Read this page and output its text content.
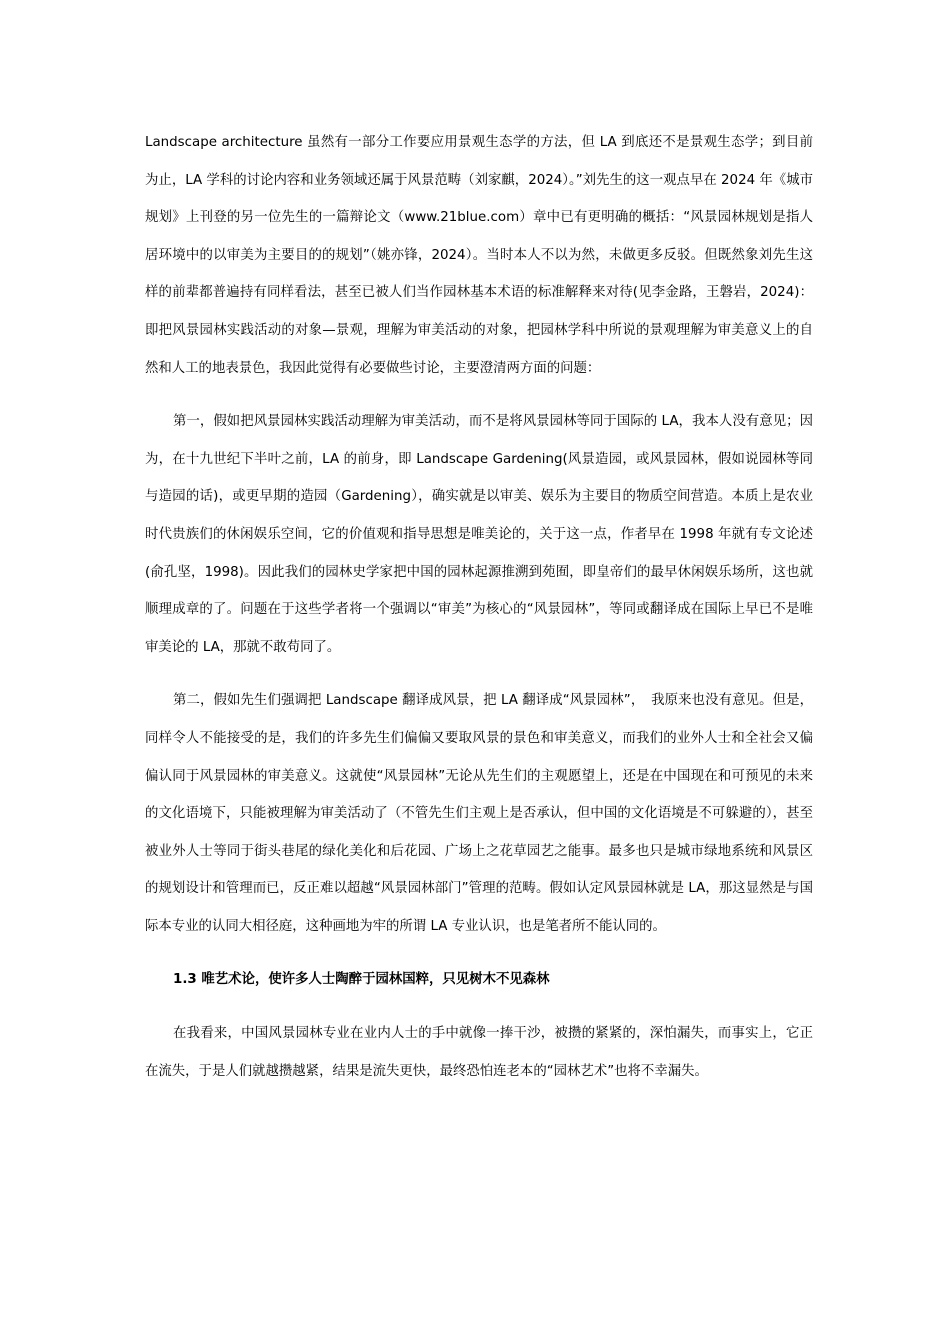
Landscape architecture 虽然有一部分工作要应用景观生态学的方法，但 LA 到底还不是景观生态学；到目前为止，LA 学科的讨论内容和业务领域还属于风景范畴（刘家麒，2024）。”刘先生的这一观点早在 2024 年《城市规划》上刊登的另一位先生的一篇辩论文（www.21blue.com）章中已有更明确的概括：“风景园林规划是指人居环境中的以审美为主要目的的规划”（姚亦锋，2024）。当时本人不以为然，未做更多反驳。但既然象刘先生这样的前辈都普遍持有同样看法，甚至已被人们当作园林基本术语的标准解释来对待(见李金路，王磐岩，2024)：即把风景园林实践活动的对象—景观，理解为审美活动的对象，把园林学科中所说的景观理解为审美意义上的自然和人工的地表景色，我因此觉得有必要做些讨论，主要澄清两方面的问题：

第一，假如把风景园林实践活动理解为审美活动，而不是将风景园林等同于国际的 LA，我本人没有意见；因为，在十九世纪下半叶之前，LA 的前身，即 Landscape Gardening(风景造园，或风景园林，假如说园林等同与造园的话)，或更早期的造园（Gardening），确实就是以审美、娱乐为主要目的物质空间营造。本质上是农业时代贵族们的休闲娱乐空间，它的价值观和指导思想是唯美论的，关于这一点，作者早在 1998 年就有专文论述(俞孔坚，1998)。因此我们的园林史学家把中国的园林起源推溯到苑囿，即皇帝们的最早休闲娱乐场所，这也就顺理成章的了。问题在于这些学者将一个强调以“审美”为核心的“风景园林”，等同或翻译成在国际上早已不是唯审美论的 LA，那就不敢苟同了。

第二，假如先生们强调把 Landscape 翻译成风景，把 LA 翻译成“风景园林”，　我原来也没有意见。但是，同样令人不能接受的是，我们的许多先生们偏偏又要取风景的景色和审美意义，而我们的业外人士和全社会又偏偏认同于风景园林的审美意义。这就使“风景园林”无论从先生们的主观愿望上，还是在中国现在和可预见的未来的文化语境下，只能被理解为审美活动了（不管先生们主观上是否承认，但中国的文化语境是不可躲避的），甚至被业外人士等同于街头巷尾的绿化美化和后花园、广场上之花草园艺之能事。最多也只是城市绿地系统和风景区的规划设计和管理而已，反正难以超越“风景园林部门”管理的范畴。假如认定风景园林就是 LA，那这显然是与国际本专业的认同大相径庭，这种画地为牢的所谓 LA 专业认识，也是笔者所不能认同的。

1.3 唯艺术论，使许多人士陶醉于园林国粹，只见树木不见森林

在我看来，中国风景园林专业在业内人士的手中就像一捧干沙，被攒的紧紧的，深怕漏失，而事实上，它正在流失，于是人们就越攒越紧，结果是流失更快，最终恐怕连老本的“园林艺术”也将不幸漏失。
